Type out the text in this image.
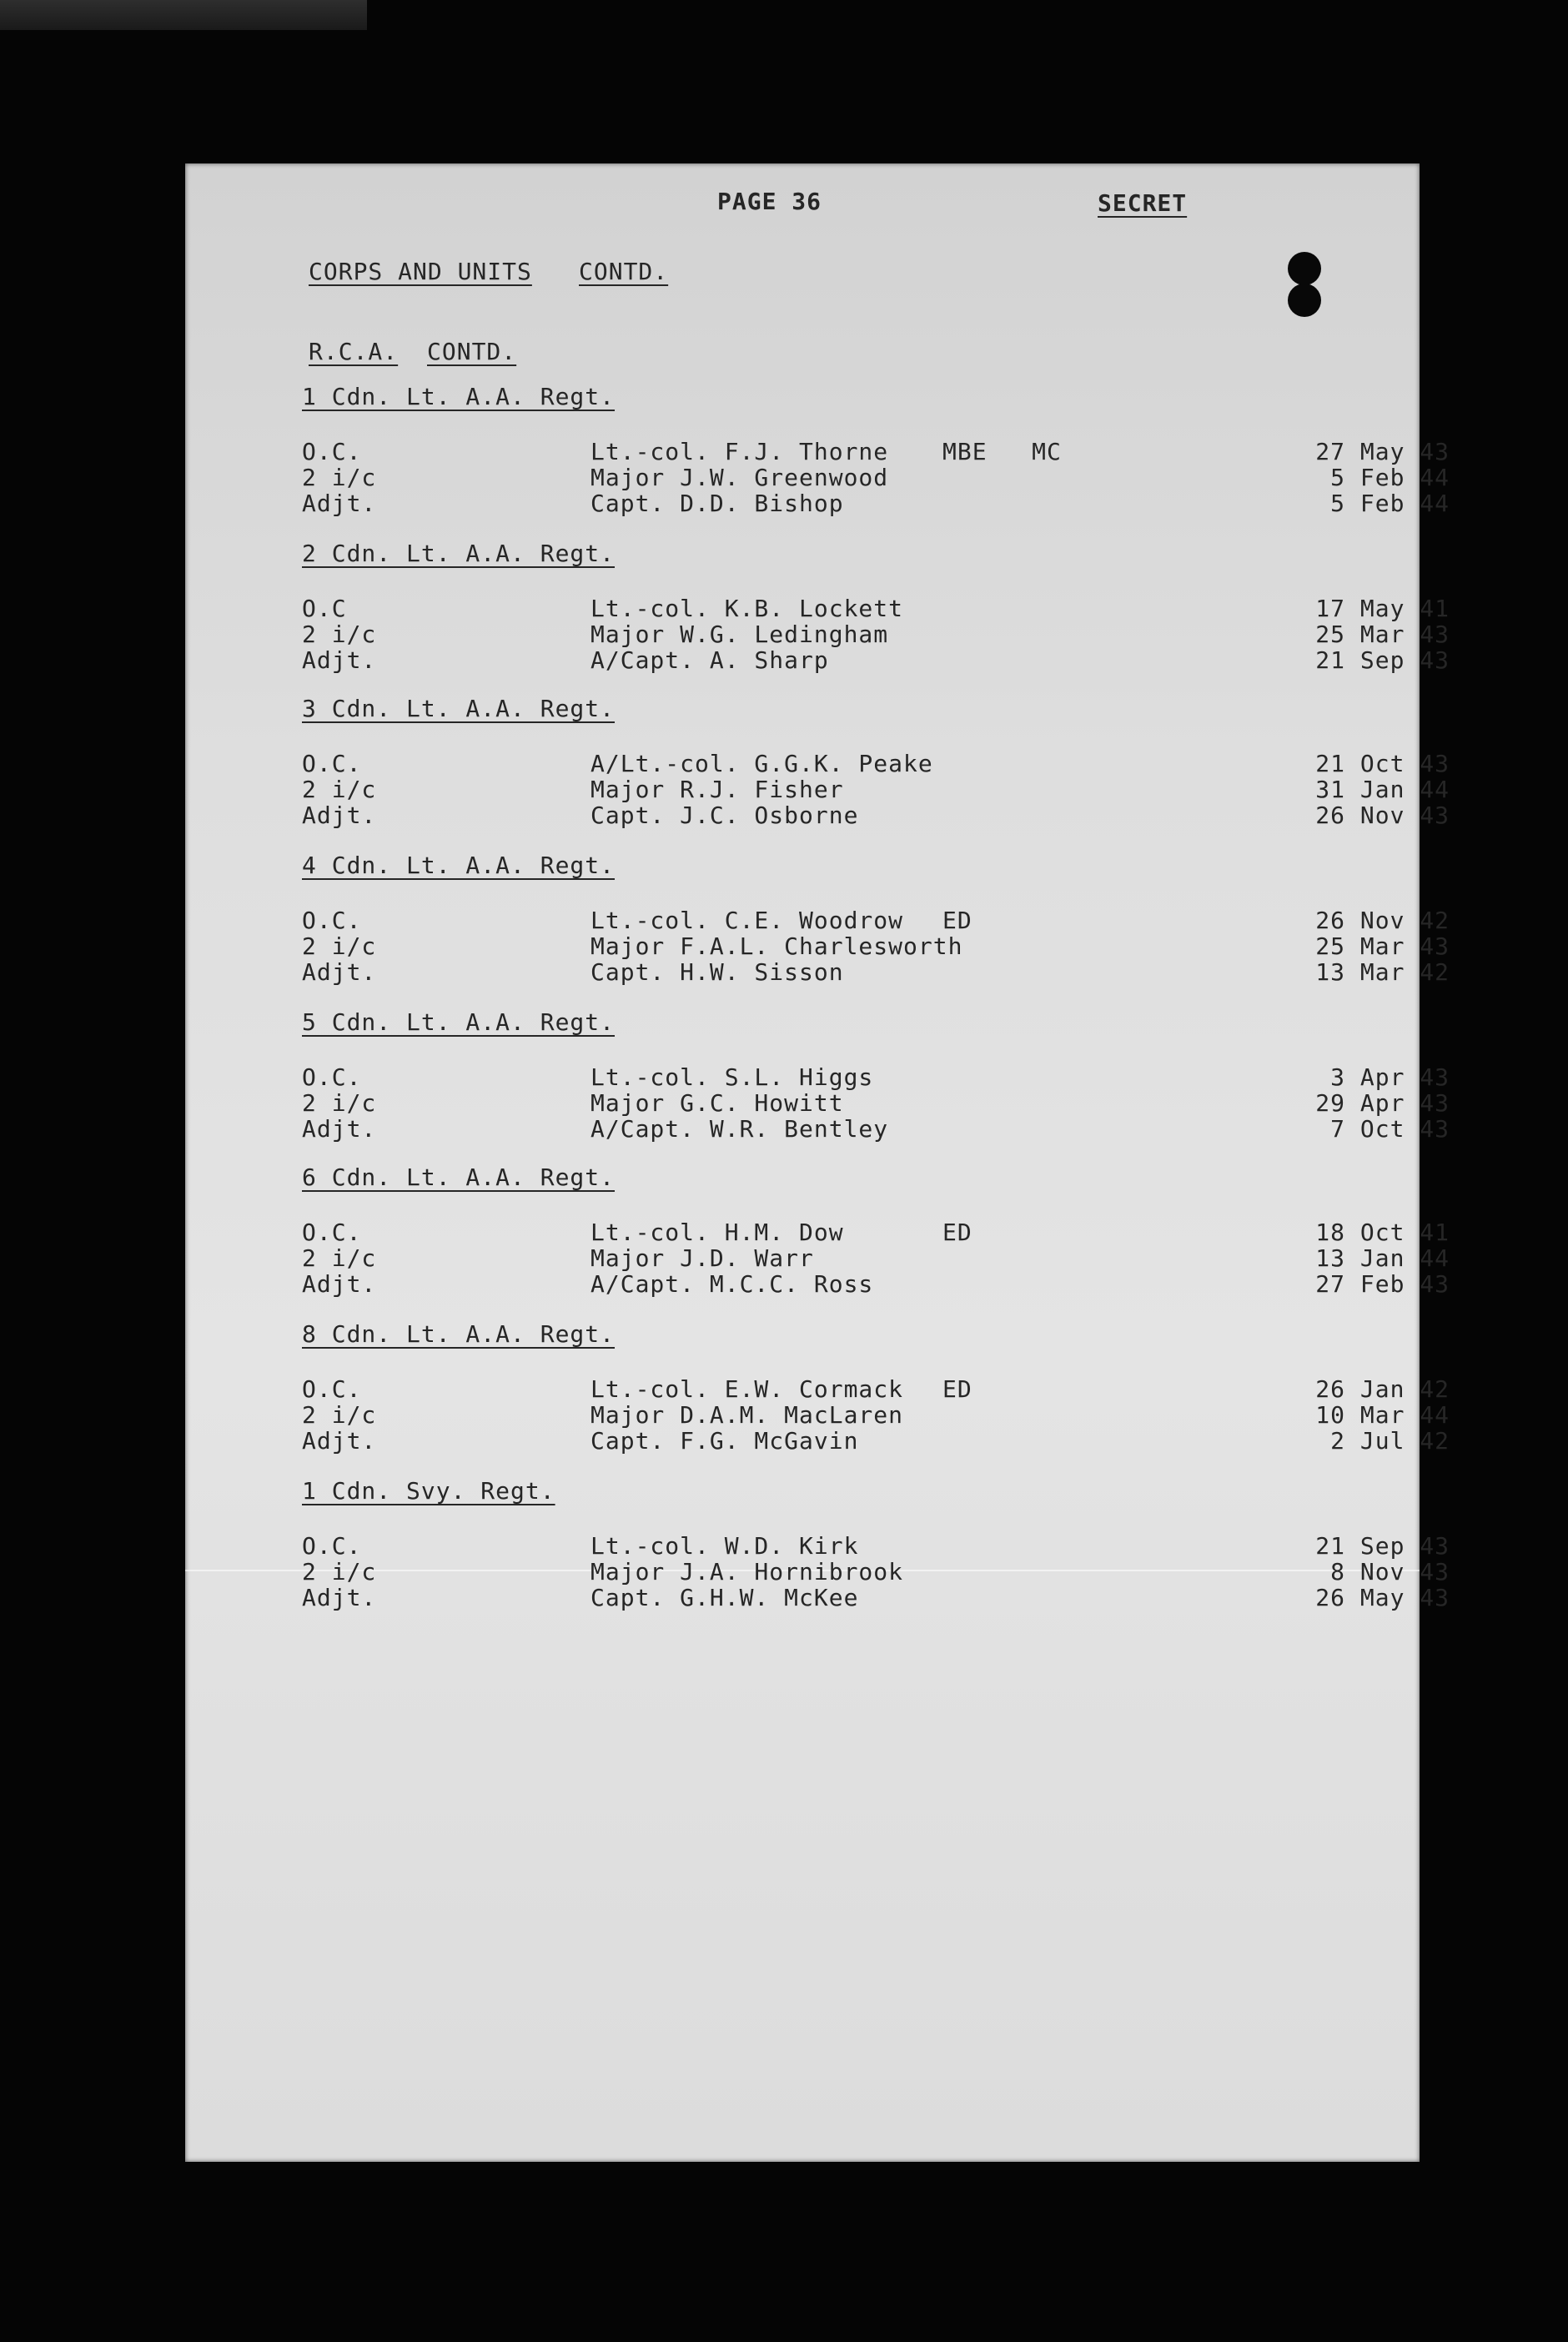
PAGE 36	SECRET
CORPS AND UNITS CONTD.
R.C.A. CONTD.
1 Cdn. Lt. A.A. Regt.
O.C.	Lt.-col. F.J. Thorne MBE   MC	27 May 43
2 i/c	Major J.W. Greenwood	5 Feb 44
Adjt.	Capt. D.D. Bishop	5 Feb 44
2 Cdn. Lt. A.A. Regt.
O.C	Lt.-col. K.B. Lockett	17 May 41
2 i/c	Major W.G. Ledingham	25 Mar 43
Adjt.	A/Capt. A. Sharp	21 Sep 43
3 Cdn. Lt. A.A. Regt.
O.C.	A/Lt.-col. G.G.K. Peake	21 Oct 43
2 i/c	Major R.J. Fisher	31 Jan 44
Adjt.	Capt. J.C. Osborne	26 Nov 43
4 Cdn. Lt. A.A. Regt.
O.C.	Lt.-col. C.E. Woodrow ED	26 Nov 42
2 i/c	Major F.A.L. Charlesworth	25 Mar 43
Adjt.	Capt. H.W. Sisson	13 Mar 42
5 Cdn. Lt. A.A. Regt.
O.C.	Lt.-col. S.L. Higgs	3 Apr 43
2 i/c	Major G.C. Howitt	29 Apr 43
Adjt.	A/Capt. W.R. Bentley	7 Oct 43
6 Cdn. Lt. A.A. Regt.
O.C.	Lt.-col. H.M. Dow	ED	18 Oct 41
2 i/c	Major J.D. Warr	13 Jan 44
Adjt.	A/Capt. M.C.C. Ross	27 Feb 43
8 Cdn. Lt. A.A. Regt.
O.C.	Lt.-col. E.W. Cormack ED	26 Jan 42
2 i/c	Major D.A.M. MacLaren	10 Mar 44
Adjt.	Capt. F.G. McGavin	2 Jul 42
1 Cdn. Svy. Regt.
O.C.	Lt.-col. W.D. Kirk	21 Sep 43
2 i/c	Major J.A. Hornibrook	8 Nov 43
Adjt.	Capt. G.H.W. McKee	26 May 43
